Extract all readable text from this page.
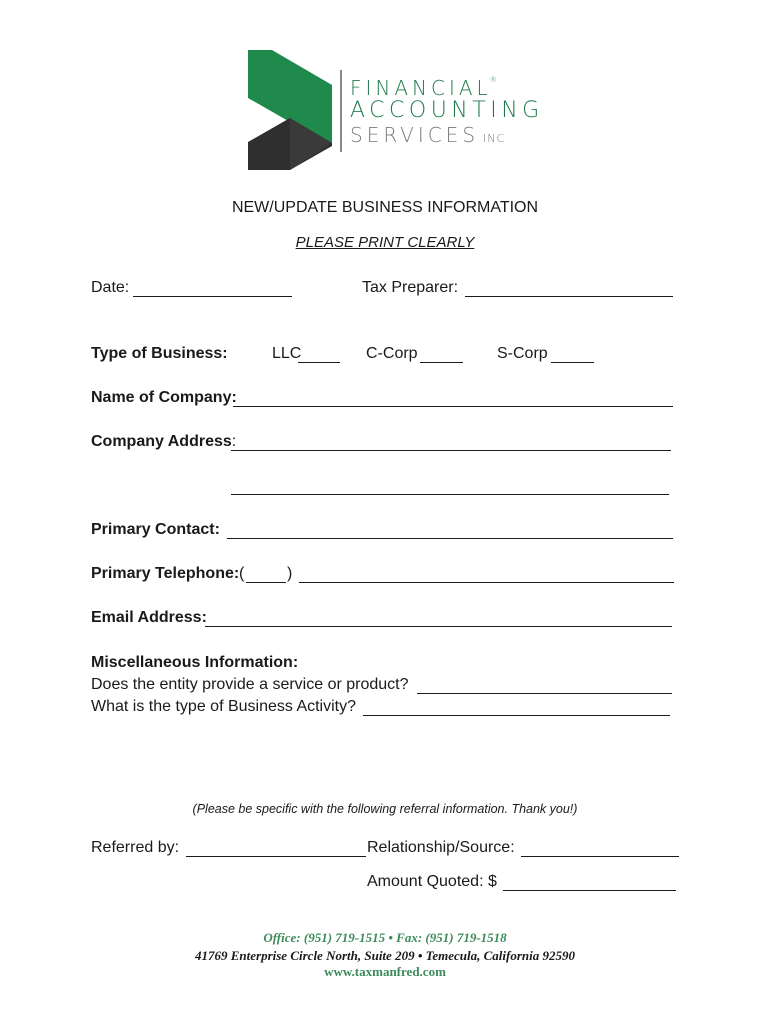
FINANCIAL®
ACCOUNTING
SERVICES INC
NEW/UPDATE BUSINESS INFORMATION
PLEASE PRINT CLEARLY
Date:	Tax Preparer:
Type of Business:	LLC	C-Corp	S-Corp
Name of Company:
Company Address:
Primary Contact:
Primary Telephone: (	)
Email Address:
Miscellaneous Information:
Does the entity provide a service or product?
What is the type of Business Activity?
(Please be specific with the following referral information. Thank you!)
Referred by:	Relationship/Source:
Amount Quoted: $
Office: (951) 719-1515 • Fax: (951) 719-1518
41769 Enterprise Circle North, Suite 209 • Temecula, California 92590
www.taxmanfred.com
